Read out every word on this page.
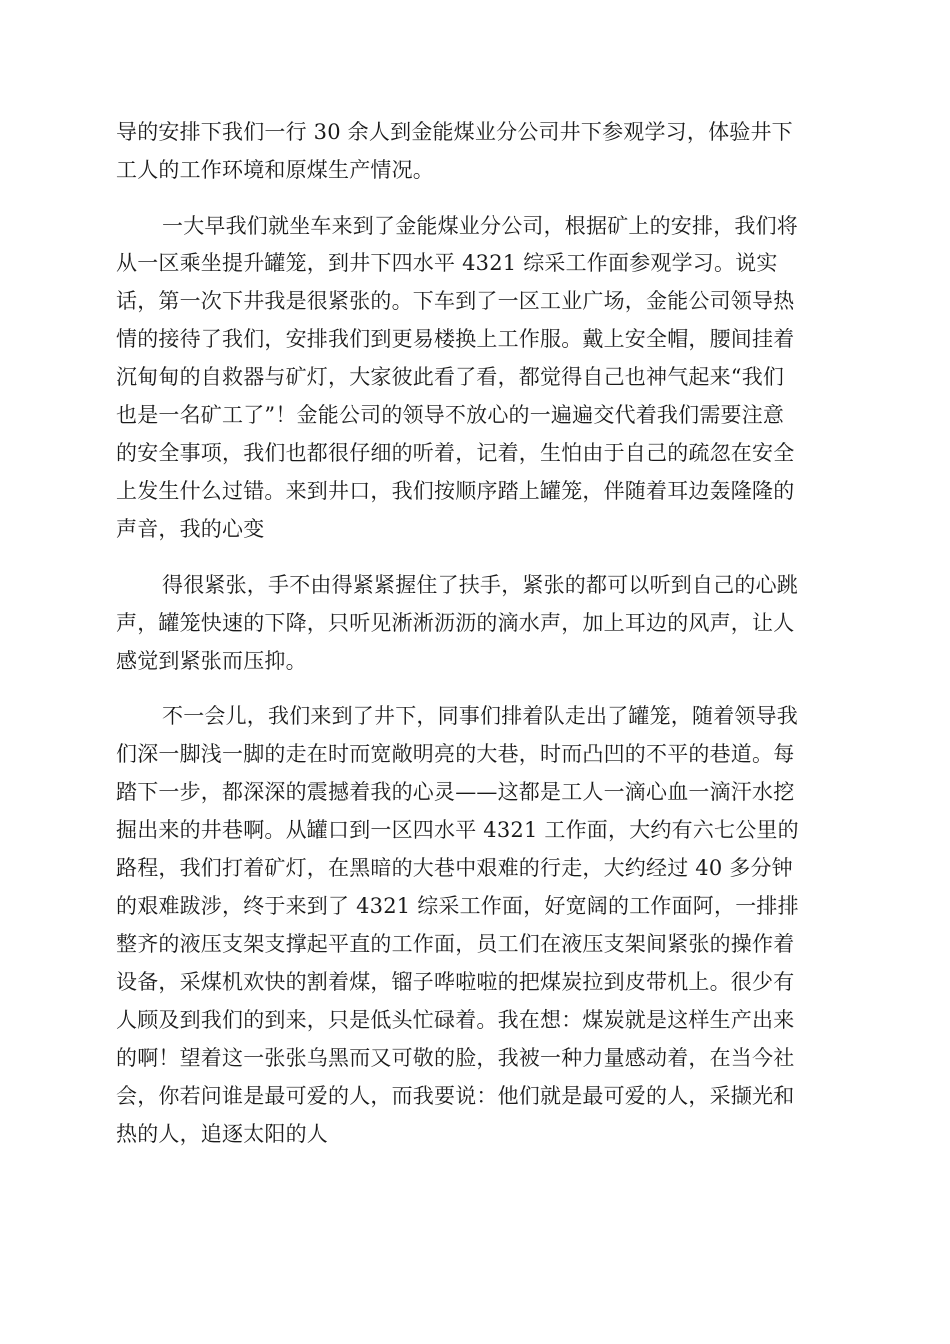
导的安排下我们一行 30 余人到金能煤业分公司井下参观学习，体验井下
工人的工作环境和原煤生产情况。
一大早我们就坐车来到了金能煤业分公司，根据矿上的安排，我们将
从一区乘坐提升罐笼，到井下四水平 4321 综采工作面参观学习。说实
话，第一次下井我是很紧张的。下车到了一区工业广场，金能公司领导热
情的接待了我们，安排我们到更易楼换上工作服。戴上安全帽，腰间挂着
沉甸甸的自救器与矿灯，大家彼此看了看，都觉得自己也神气起来“我们
也是一名矿工了”！金能公司的领导不放心的一遍遍交代着我们需要注意
的安全事项，我们也都很仔细的听着，记着，生怕由于自己的疏忽在安全
上发生什么过错。来到井口，我们按顺序踏上罐笼，伴随着耳边轰隆隆的
声音，我的心变
得很紧张，手不由得紧紧握住了扶手，紧张的都可以听到自己的心跳
声，罐笼快速的下降，只听见淅淅沥沥的滴水声，加上耳边的风声，让人
感觉到紧张而压抑。
不一会儿，我们来到了井下，同事们排着队走出了罐笼，随着领导我
们深一脚浅一脚的走在时而宽敞明亮的大巷，时而凸凹的不平的巷道。每
踏下一步，都深深的震撼着我的心灵——这都是工人一滴心血一滴汗水挖
掘出来的井巷啊。从罐口到一区四水平 4321 工作面，大约有六七公里的
路程，我们打着矿灯，在黑暗的大巷中艰难的行走，大约经过 40 多分钟
的艰难跋涉，终于来到了 4321 综采工作面，好宽阔的工作面阿，一排排
整齐的液压支架支撑起平直的工作面，员工们在液压支架间紧张的操作着
设备，采煤机欢快的割着煤，镏子哗啦啦的把煤炭拉到皮带机上。很少有
人顾及到我们的到来，只是低头忙碌着。我在想：煤炭就是这样生产出来
的啊！望着这一张张乌黑而又可敬的脸，我被一种力量感动着，在当今社
会，你若问谁是最可爱的人，而我要说：他们就是最可爱的人，采撷光和
热的人，追逐太阳的人
